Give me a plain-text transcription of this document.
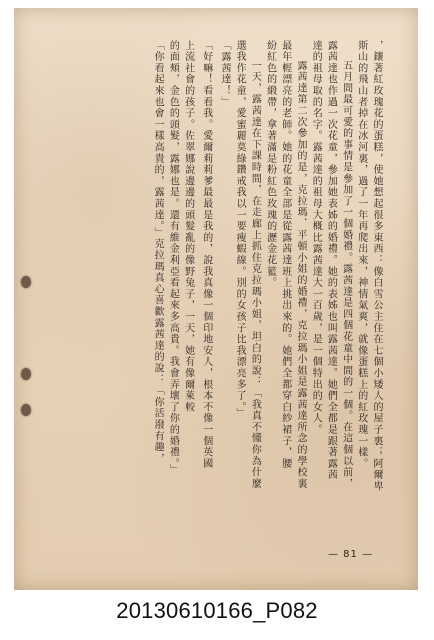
，鑲著紅玫瑰花的蛋糕，使她想起很多東西：像白雪公主住在七個小矮人的屋子裏；阿爾卑

斯山的飛山者掉在冰河裏，過了一年再爬出來，神情氣爽，就像蛋糕上的紅玫瑰一樣。

五月間最可愛的事情是參加了一個婚禮。露茜達是四個花童中間的一個。在這個以前，

露茜達也作過一次花童，參加她表姊的婚禮。她的表姊也叫露茜達。她們全都是跟著露茜

達的祖母取的名字。露茜達的祖母大概比露茜達大一百歲，是一個特出的女人。

露茜達第二次參加的是，克拉瑪．平頓小姐的婚禮，克拉瑪小姐是露茜達所念的學校裏

最年輕漂亮的老師。她的花童全部是從露茜達班上挑出來的。她們全都穿白紗裙子，腰

紛紅色的緞帶，拿著滿是粉紅色玫瑰的瀝金花籃。

一天，露茜達在下課時間，在走廊上抓住克拉瑪小姐，坦白的說：「我真不懂你為什麼

選我作花童，愛蜜麗莫綠鑽戒我以一要瘦蝦線。別的女孩子比我漂亮多了。」

「露茜達！」

「好嘛！看看我。愛爾莉莉爹最最是我的，說我真像一個印地安人，根本不像一個英國

上流社會的孩子。佐翠娜說邊邊的頭髮亂的像野兔子，一天，她有像爾萊較

的面頰，金色的頭髮，露娜也是。還有維金利亞看起來多高貴。我會弄壞了你的婚禮。」

「你看起來也會一樣高貴的，露茜達。」克拉瑪真心喜歡露茜達的說：「你活潑有趣，

— 81 —
20130610166_P082
